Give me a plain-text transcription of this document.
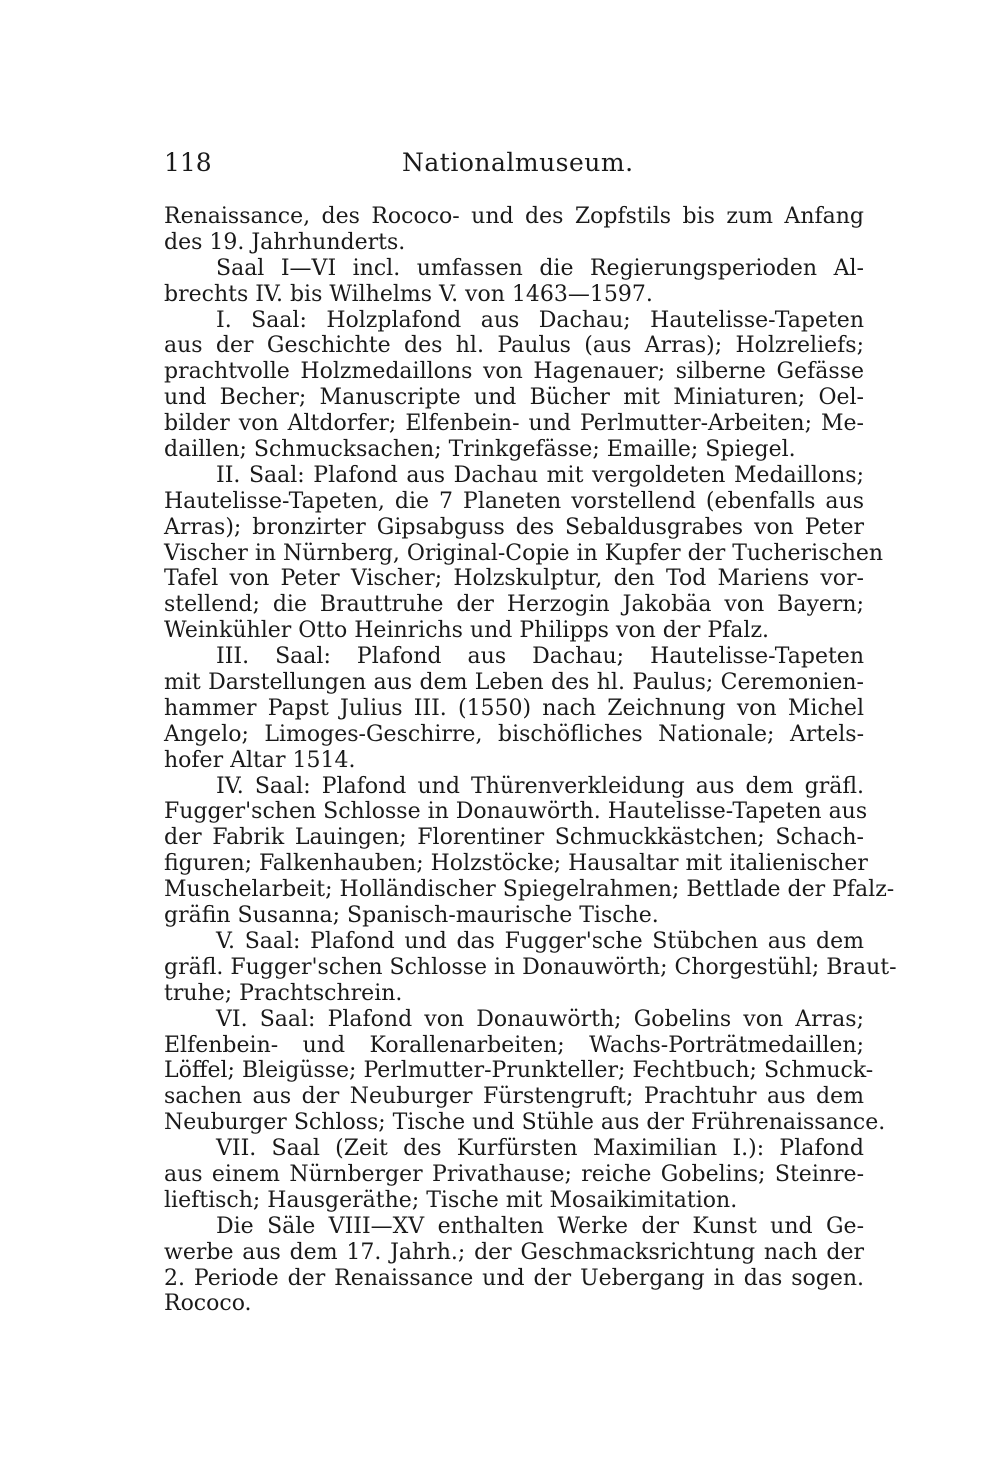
118	Nationalmuseum.
Renaissance, des Rococo- und des Zopfstils bis zum Anfang
des 19. Jahrhunderts.
Saal I—VI incl. umfassen die Regierungsperioden Al-
brechts IV. bis Wilhelms V. von 1463—1597.
I. Saal: Holzplafond aus Dachau; Hautelisse-Tapeten
aus der Geschichte des hl. Paulus (aus Arras); Holzreliefs;
prachtvolle Holzmedaillons von Hagenauer; silberne Gefässe
und Becher; Manuscripte und Bücher mit Miniaturen; Oel-
bilder von Altdorfer; Elfenbein- und Perlmutter-Arbeiten; Me-
daillen; Schmucksachen; Trinkgefässe; Emaille; Spiegel.
II. Saal: Plafond aus Dachau mit vergoldeten Medaillons;
Hautelisse-Tapeten, die 7 Planeten vorstellend (ebenfalls aus
Arras); bronzirter Gipsabguss des Sebaldusgrabes von Peter
Vischer in Nürnberg, Original-Copie in Kupfer der Tucherischen
Tafel von Peter Vischer; Holzskulptur, den Tod Mariens vor-
stellend; die Brauttruhe der Herzogin Jakobäa von Bayern;
Weinkühler Otto Heinrichs und Philipps von der Pfalz.
III. Saal: Plafond aus Dachau; Hautelisse-Tapeten
mit Darstellungen aus dem Leben des hl. Paulus; Ceremonien-
hammer Papst Julius III. (1550) nach Zeichnung von Michel
Angelo; Limoges-Geschirre, bischöfliches Nationale; Artels-
hofer Altar 1514.
IV. Saal: Plafond und Thürenverkleidung aus dem gräfl.
Fugger'schen Schlosse in Donauwörth. Hautelisse-Tapeten aus
der Fabrik Lauingen; Florentiner Schmuckkästchen; Schach-
figuren; Falkenhauben; Holzstöcke; Hausaltar mit italienischer
Muschelarbeit; Holländischer Spiegelrahmen; Bettlade der Pfalz-
gräfin Susanna; Spanisch-maurische Tische.
V. Saal: Plafond und das Fugger'sche Stübchen aus dem
gräfl. Fugger'schen Schlosse in Donauwörth; Chorgestühl; Braut-
truhe; Prachtschrein.
VI. Saal: Plafond von Donauwörth; Gobelins von Arras;
Elfenbein- und Korallenarbeiten; Wachs-Porträtmedaillen;
Löffel; Bleigüsse; Perlmutter-Prunkteller; Fechtbuch; Schmuck-
sachen aus der Neuburger Fürstengruft; Prachtuhr aus dem
Neuburger Schloss; Tische und Stühle aus der Frührenaissance.
VII. Saal (Zeit des Kurfürsten Maximilian I.): Plafond
aus einem Nürnberger Privathause; reiche Gobelins; Steinre-
lieftisch; Hausgeräthe; Tische mit Mosaikimitation.
Die Säle VIII—XV enthalten Werke der Kunst und Ge-
werbe aus dem 17. Jahrh.; der Geschmacksrichtung nach der
2. Periode der Renaissance und der Uebergang in das sogen.
Rococo.
